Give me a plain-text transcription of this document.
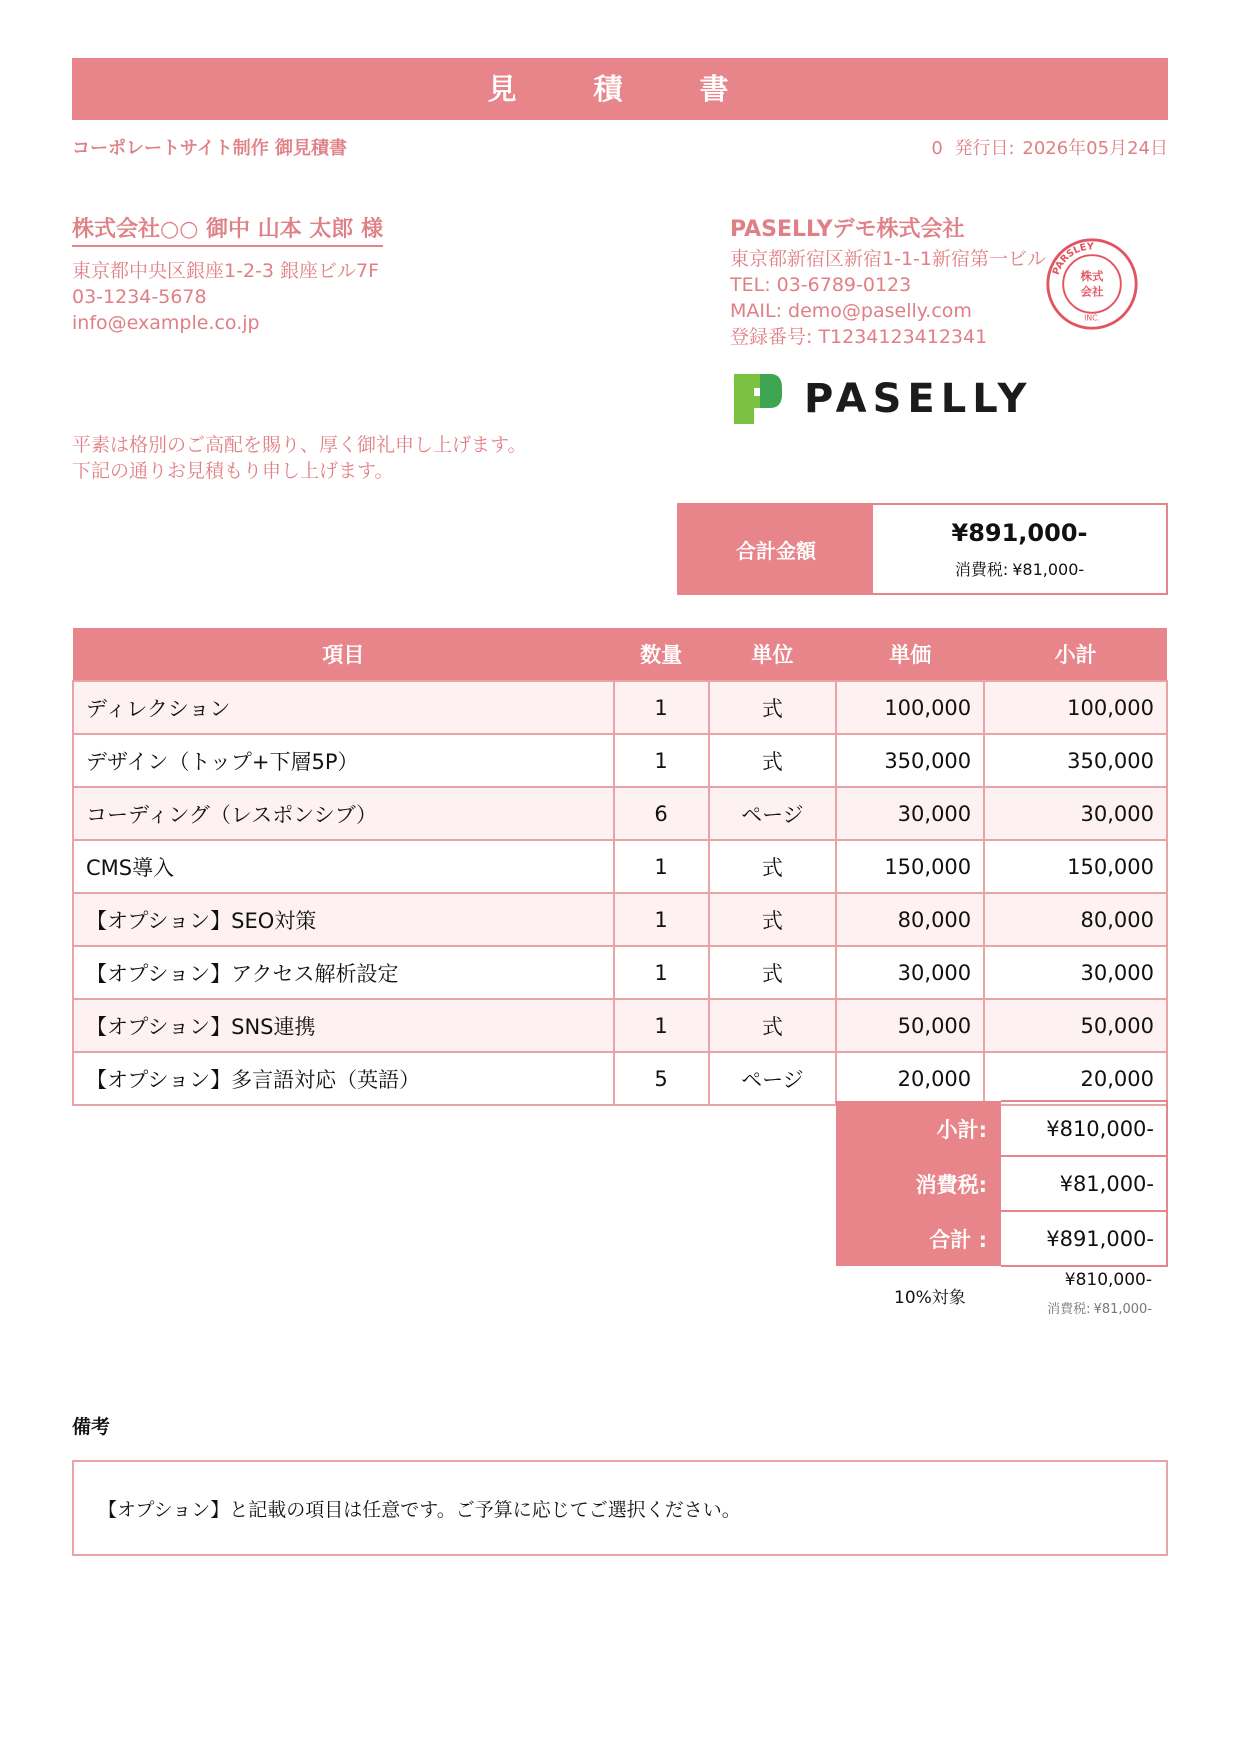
見　積　書
コーポレートサイト制作 御見積書	0 発行日: 2026年05月24日
株式会社○○ 御中 山本 太郎 様
東京都中央区銀座1-2-3 銀座ビル7F
03-1234-5678
info@example.co.jp
PASELLYデモ株式会社
東京都新宿区新宿1-1-1新宿第一ビル
TEL: 03-6789-0123
MAIL: demo@paselly.com
登録番号: T1234123412341
PARSLEY
株式
会社
INC.
PASELLY
平素は格別のご高配を賜り、厚く御礼申し上げます。
下記の通りお見積もり申し上げます。
合計金額
¥891,000-
消費税: ¥81,000-
項目	数量	単位	単価	小計
ディレクション	1	式	100,000	100,000
デザイン（トップ+下層5P）	1	式	350,000	350,000
コーディング（レスポンシブ）	6	ページ	30,000	30,000
CMS導入	1	式	150,000	150,000
【オプション】SEO対策	1	式	80,000	80,000
【オプション】アクセス解析設定	1	式	30,000	30,000
【オプション】SNS連携	1	式	50,000	50,000
【オプション】多言語対応（英語）	5	ページ	20,000	20,000
小計:	¥810,000-
消費税:	¥81,000-
合計 :	¥891,000-
10%対象
¥810,000-
消費税: ¥81,000-
備考
【オプション】と記載の項目は任意です。ご予算に応じてご選択ください。
